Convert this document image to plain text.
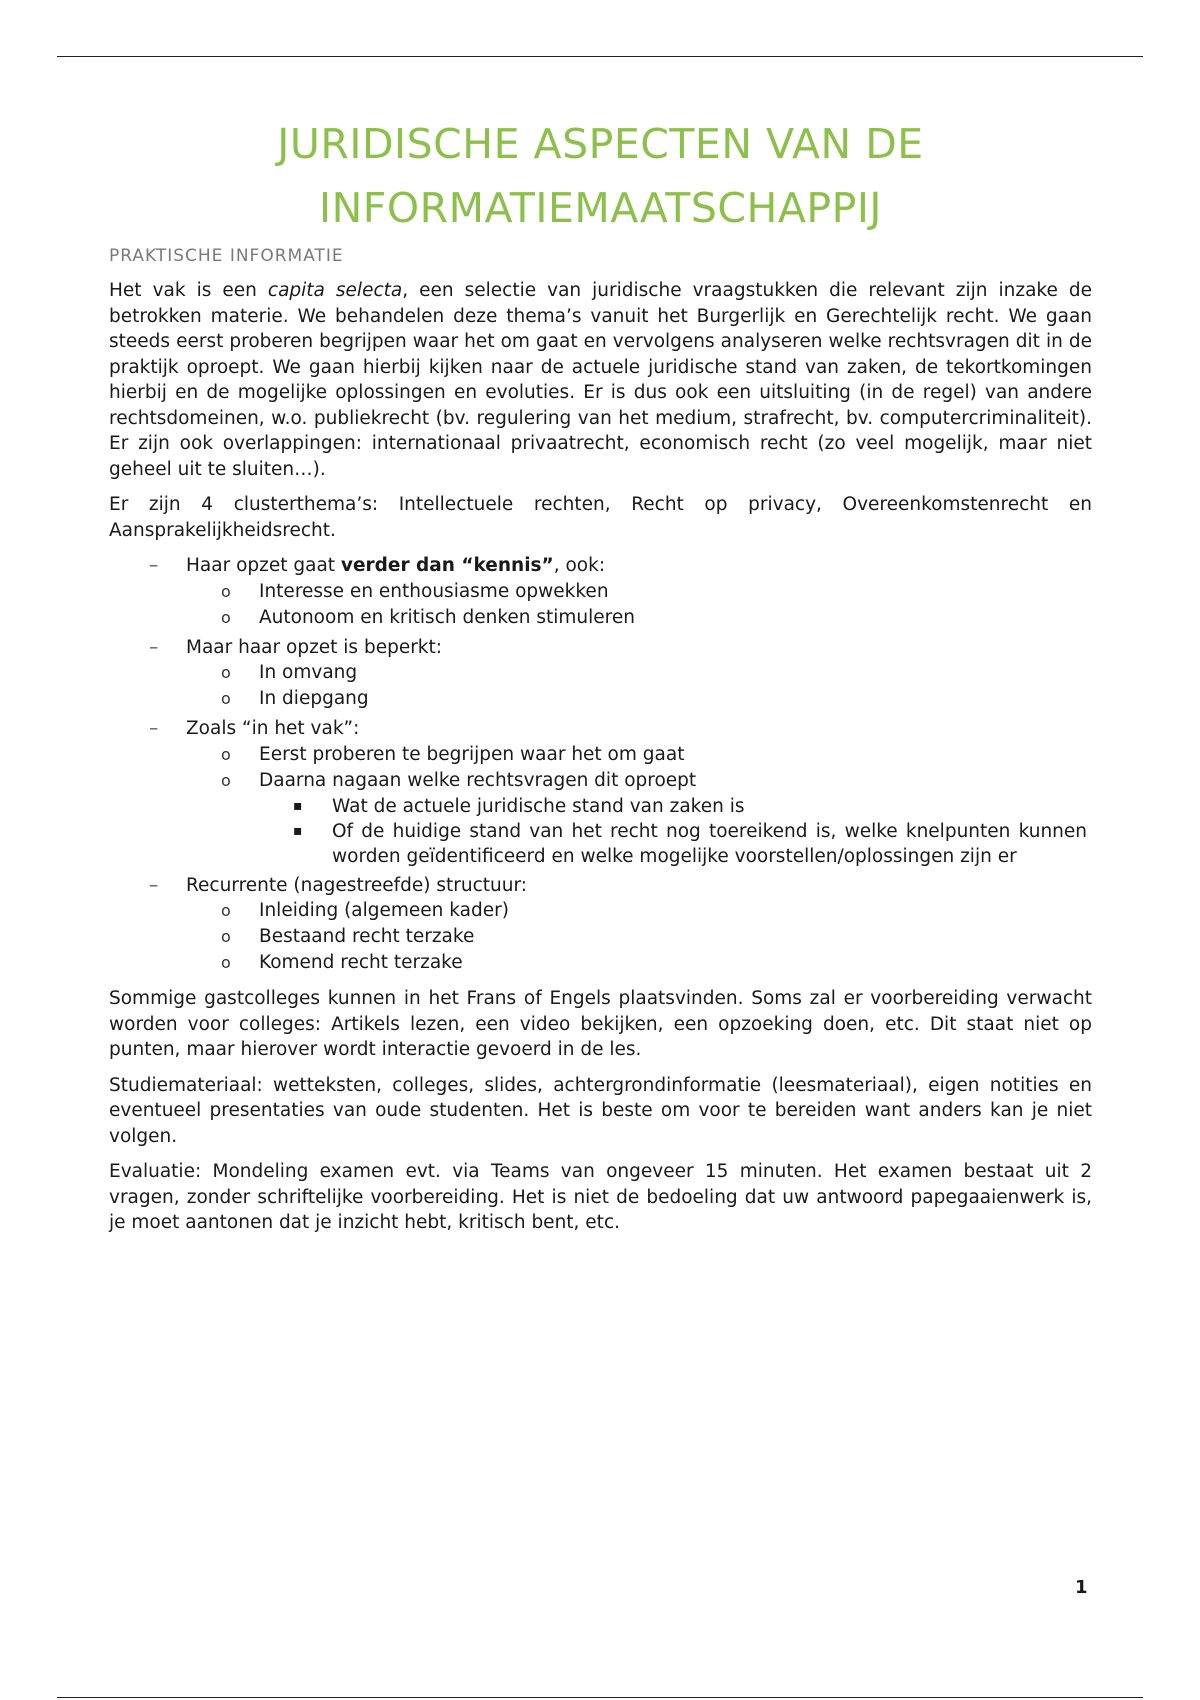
JURIDISCHE ASPECTEN VAN DE
INFORMATIEMAATSCHAPPIJ
PRAKTISCHE INFORMATIE

Het vak is een capita selecta, een selectie van juridische vraagstukken die relevant zijn inzake de betrokken materie. We behandelen deze thema’s vanuit het Burgerlijk en Gerechtelijk recht. We gaan steeds eerst proberen begrijpen waar het om gaat en vervolgens analyseren welke rechtsvragen dit in de praktijk oproept. We gaan hierbij kijken naar de actuele juridische stand van zaken, de tekortkomingen hierbij en de mogelijke oplossingen en evoluties. Er is dus ook een uitsluiting (in de regel) van andere rechtsdomeinen, w.o. publiekrecht (bv. regulering van het medium, strafrecht, bv. computercriminaliteit). Er zijn ook overlappingen: internationaal privaatrecht, economisch recht (zo veel mogelijk, maar niet geheel uit te sluiten…).

Er zijn 4 clusterthema’s: Intellectuele rechten, Recht op privacy, Overeenkomstenrecht en Aansprakelijkheidsrecht.

– Haar opzet gaat verder dan “kennis”, ook:
o Interesse en enthousiasme opwekken
o Autonoom en kritisch denken stimuleren
– Maar haar opzet is beperkt:
o In omvang
o In diepgang
– Zoals “in het vak”:
o Eerst proberen te begrijpen waar het om gaat
o Daarna nagaan welke rechtsvragen dit oproept
▪ Wat de actuele juridische stand van zaken is
▪ Of de huidige stand van het recht nog toereikend is, welke knelpunten kunnen worden geïdentificeerd en welke mogelijke voorstellen/oplossingen zijn er
– Recurrente (nagestreefde) structuur:
o Inleiding (algemeen kader)
o Bestaand recht terzake
o Komend recht terzake

Sommige gastcolleges kunnen in het Frans of Engels plaatsvinden. Soms zal er voorbereiding verwacht worden voor colleges: Artikels lezen, een video bekijken, een opzoeking doen, etc. Dit staat niet op punten, maar hierover wordt interactie gevoerd in de les.

Studiemateriaal: wetteksten, colleges, slides, achtergrondinformatie (leesmateriaal), eigen notities en eventueel presentaties van oude studenten. Het is beste om voor te bereiden want anders kan je niet volgen.

Evaluatie: Mondeling examen evt. via Teams van ongeveer 15 minuten. Het examen bestaat uit 2 vragen, zonder schriftelijke voorbereiding. Het is niet de bedoeling dat uw antwoord papegaaienwerk is, je moet aantonen dat je inzicht hebt, kritisch bent, etc.

1
